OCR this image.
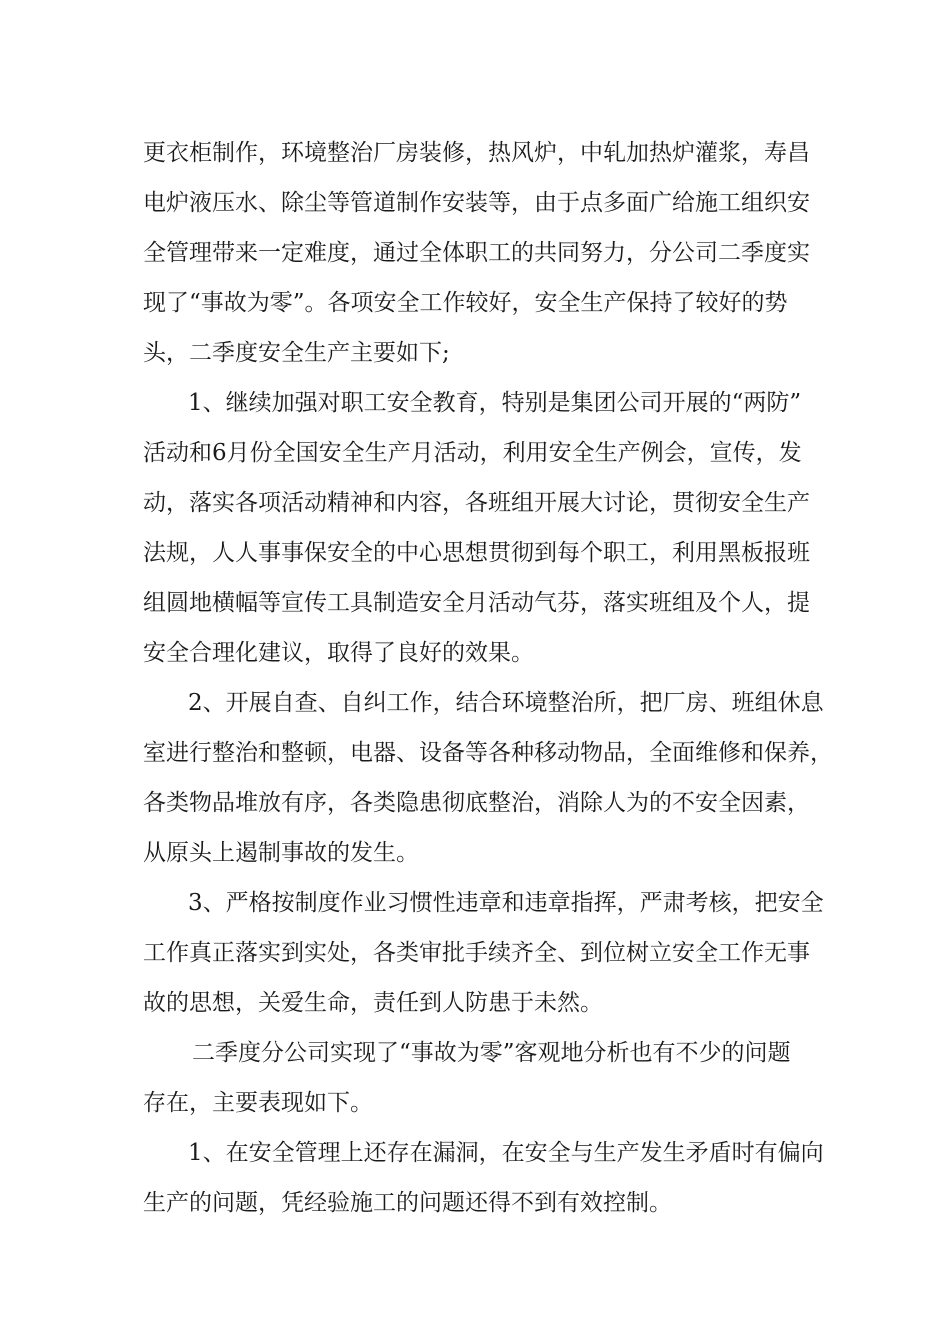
更衣柜制作，环境整治厂房装修，热风炉，中轧加热炉灌浆，寿昌
电炉液压水、除尘等管道制作安装等，由于点多面广给施工组织安
全管理带来一定难度，通过全体职工的共同努力，分公司二季度实
现了“事故为零”。各项安全工作较好，安全生产保持了较好的势
头，二季度安全生产主要如下;
1、继续加强对职工安全教育，特别是集团公司开展的“两防”
活动和6月份全国安全生产月活动，利用安全生产例会，宣传，发
动，落实各项活动精神和内容，各班组开展大讨论，贯彻安全生产
法规，人人事事保安全的中心思想贯彻到每个职工，利用黑板报班
组圆地横幅等宣传工具制造安全月活动气芬，落实班组及个人，提
安全合理化建议，取得了良好的效果。
2、开展自查、自纠工作，结合环境整治所，把厂房、班组休息
室进行整治和整顿，电器、设备等各种移动物品，全面维修和保养，
各类物品堆放有序，各类隐患彻底整治，消除人为的不安全因素，
从原头上遏制事故的发生。
3、严格按制度作业习惯性违章和违章指挥，严肃考核，把安全
工作真正落实到实处，各类审批手续齐全、到位树立安全工作无事
故的思想，关爱生命，责任到人防患于未然。
二季度分公司实现了“事故为零”客观地分析也有不少的问题
存在，主要表现如下。
1、在安全管理上还存在漏洞，在安全与生产发生矛盾时有偏向
生产的问题，凭经验施工的问题还得不到有效控制。
